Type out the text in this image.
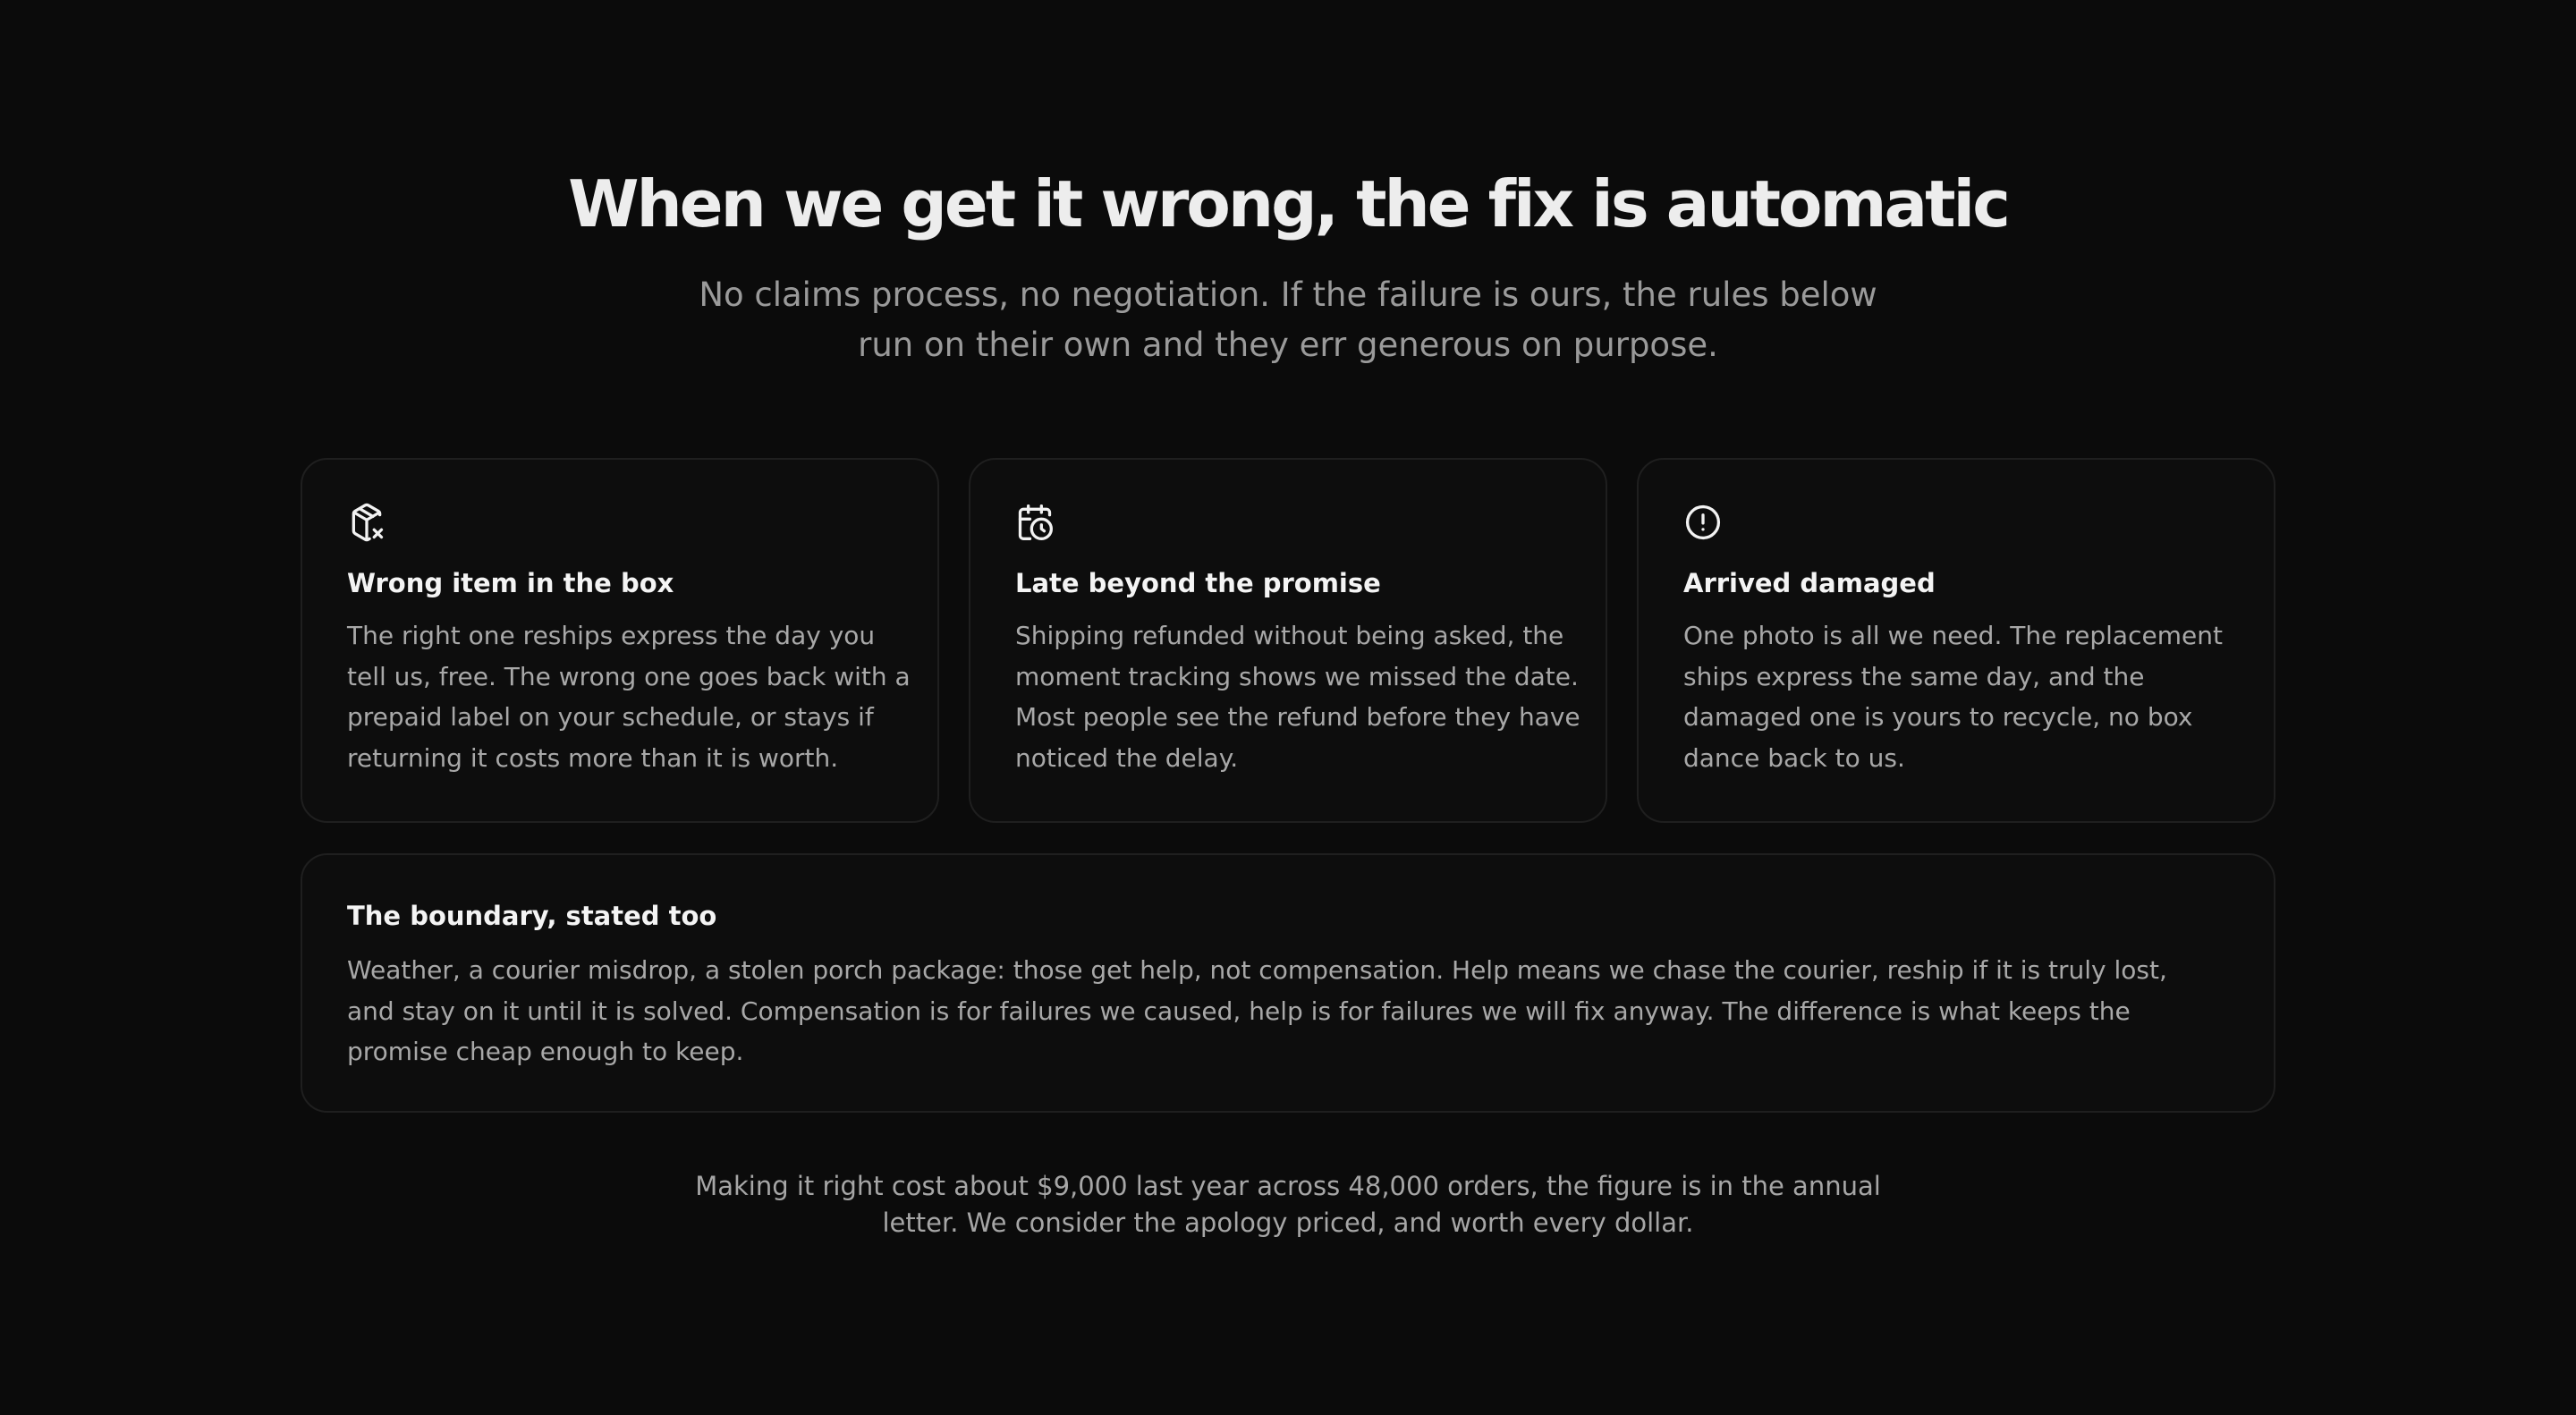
When we get it wrong, the fix is automatic

No claims process, no negotiation. If the failure is ours, the rules below run on their own and they err generous on purpose.

Wrong item in the box

The right one reships express the day you tell us, free. The wrong one goes back with a prepaid label on your schedule, or stays if returning it costs more than it is worth.

Late beyond the promise

Shipping refunded without being asked, the moment tracking shows we missed the date. Most people see the refund before they have noticed the delay.

Arrived damaged

One photo is all we need. The replacement ships express the same day, and the damaged one is yours to recycle, no box dance back to us.

The boundary, stated too

Weather, a courier misdrop, a stolen porch package: those get help, not compensation. Help means we chase the courier, reship if it is truly lost, and stay on it until it is solved. Compensation is for failures we caused, help is for failures we will fix anyway. The difference is what keeps the promise cheap enough to keep.

Making it right cost about $9,000 last year across 48,000 orders, the figure is in the annual letter. We consider the apology priced, and worth every dollar.
